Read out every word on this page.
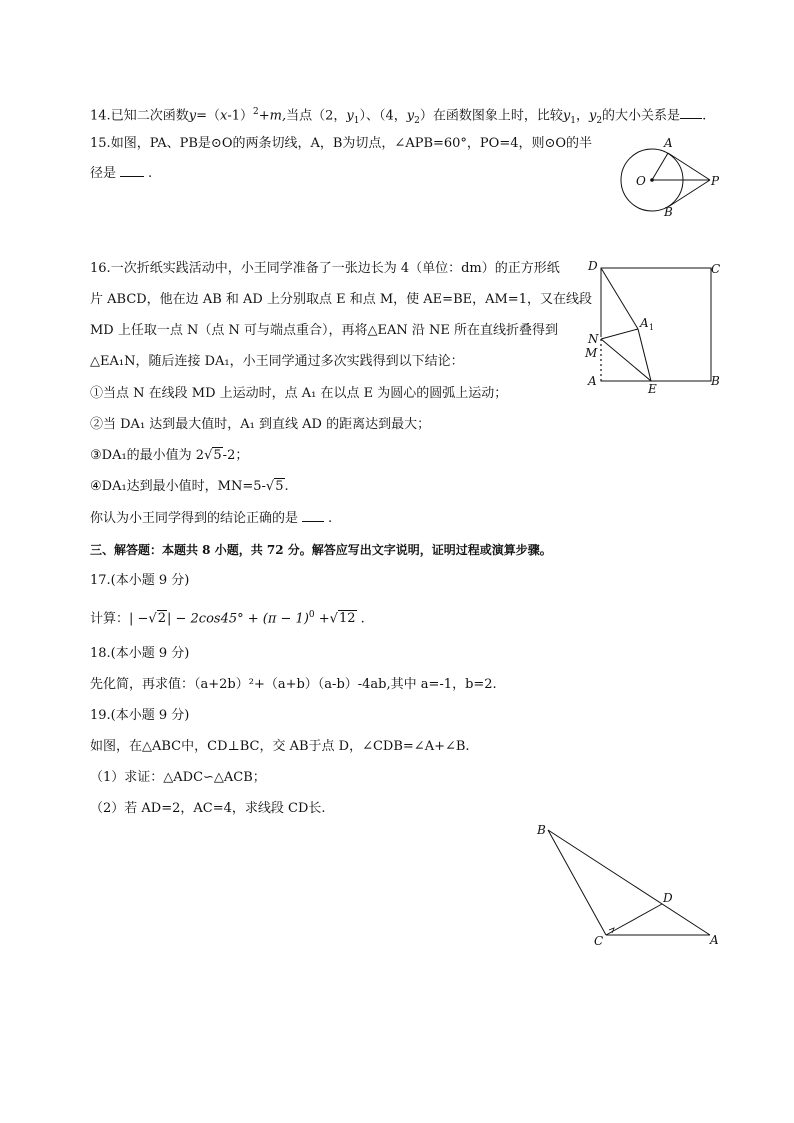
14.已知二次函数$y=(x-1)^2+m$,当点（2，$y_1$）、（4，$y_2$）在函数图象上时，比较$y_1$，$y_2$的大小关系是 .
15.如图，PA、PB是⊙O的两条切线，A，B为切点，∠APB=60°，PO=4，则⊙O的半
径是 .
A
B
O	P
16.一次折纸实践活动中，小王同学准备了一张边长为 4（单位：dm）的正方形纸
片 ABCD，他在边 AB 和 AD 上分别取点 E 和点 M，使 AE=BE，AM=1，又在线段
MD 上任取一点 N（点 N 可与端点重合），再将△EAN 沿 NE 所在直线折叠得到
△EA₁N，随后连接 DA₁，小王同学通过多次实践得到以下结论：
①当点 N 在线段 MD 上运动时，点 A₁ 在以点 E 为圆心的圆弧上运动；
②当 DA₁ 达到最大值时，A₁ 到直线 AD 的距离达到最大；
③DA₁的最小值为 2√5-2；
④DA₁达到最小值时，MN=5-√5.
你认为小王同学得到的结论正确的是 .
D	C
A 1
N
M
A
E
B
三、解答题：本题共 8 小题，共 72 分。解答应写出文字说明，证明过程或演算步骤。
17.(本小题 9 分)
计算：| $-√2| - 2\cos 45^\circ + (\pi - 1)^0 +√12$ .
18.(本小题 9 分)
先化简，再求值：（a+2b）²+（a+b）（a-b）-4ab,其中 a=-1，b=2.
19.(本小题 9 分)
如图，在△ABC中，CD⊥BC，交 AB于点 D，∠CDB=∠A+∠B.
（1）求证：△ADC∽△ACB；
（2）若 AD=2，AC=4，求线段 CD长.
B
D
C	A
